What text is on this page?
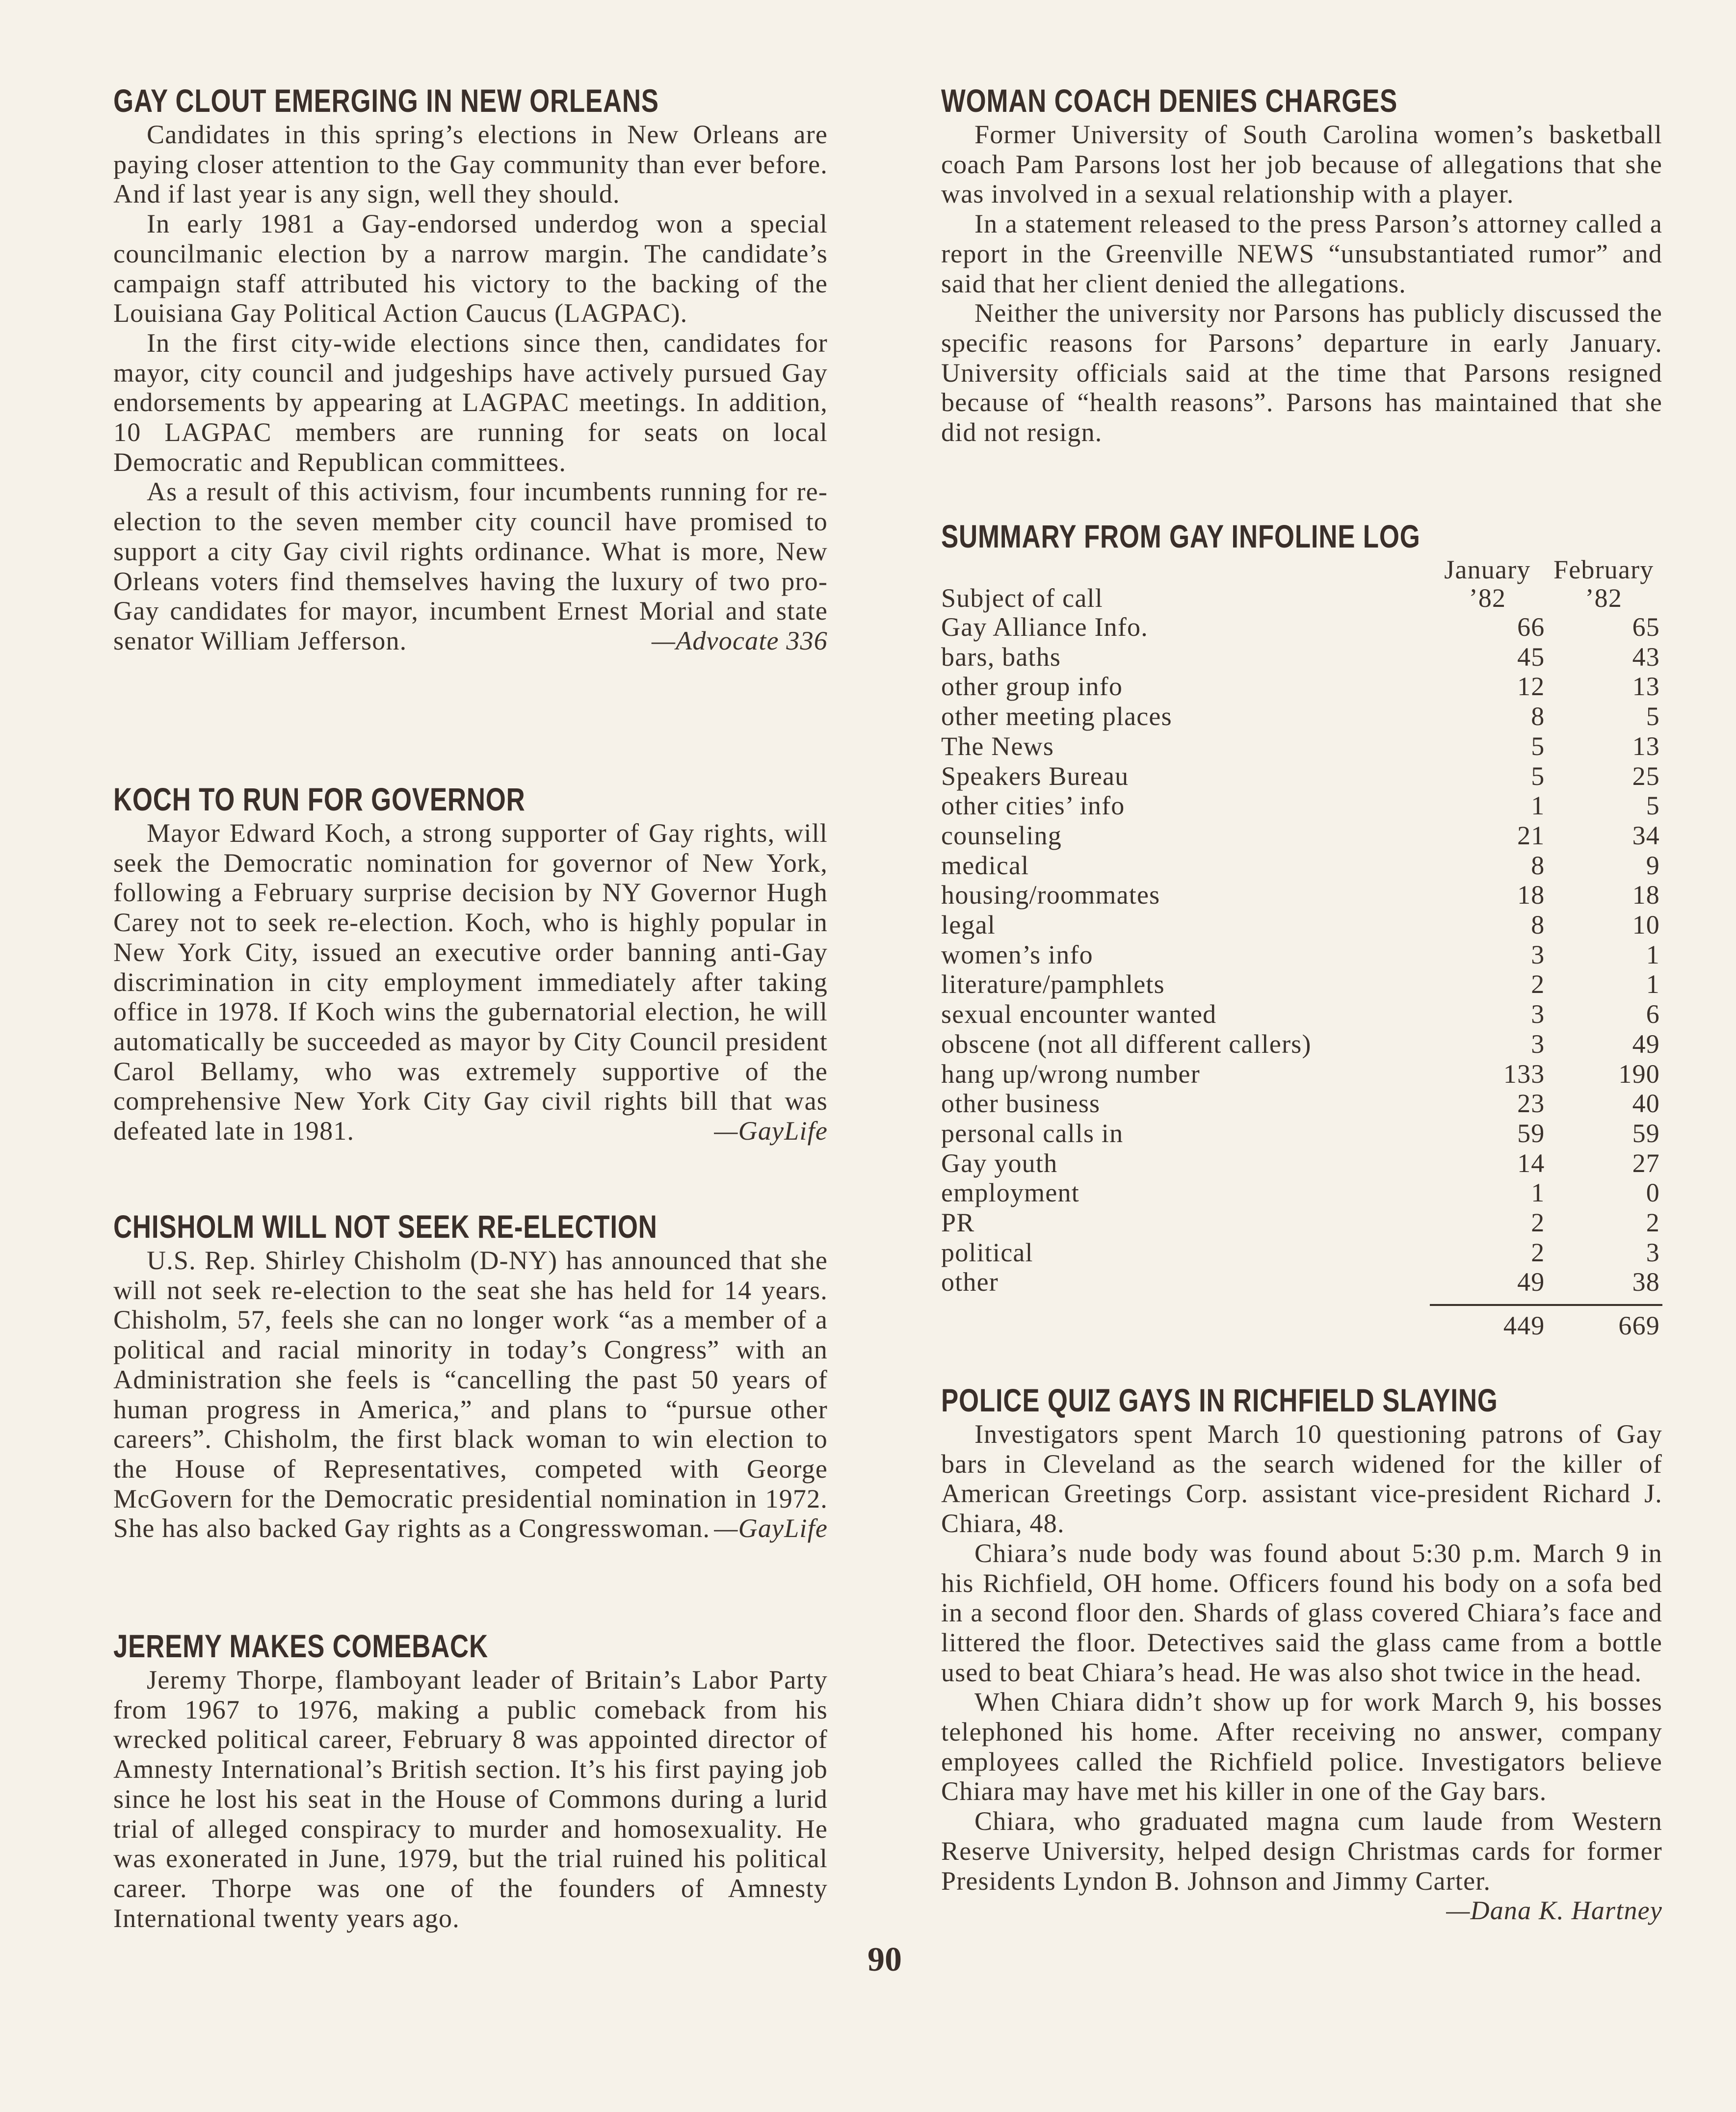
GAY CLOUT EMERGING IN NEW ORLEANS

Candidates in this spring’s elections in New Orleans are paying closer attention to the Gay community than ever before. And if last year is any sign, well they should.

In early 1981 a Gay-endorsed underdog won a special councilmanic election by a narrow margin. The candidate’s campaign staff attributed his victory to the backing of the Louisiana Gay Political Action Caucus (LAGPAC).

In the first city-wide elections since then, candidates for mayor, city council and judgeships have actively pursued Gay endorsements by appearing at LAGPAC meetings. In addition, 10 LAGPAC members are running for seats on local Democratic and Republican committees.

As a result of this activism, four incumbents running for re-election to the seven member city council have promised to support a city Gay civil rights ordinance. What is more, New Orleans voters find themselves having the luxury of two pro-Gay candidates for mayor, incumbent Ernest Morial and state senator William Jefferson.	—Advocate 336

KOCH TO RUN FOR GOVERNOR

Mayor Edward Koch, a strong supporter of Gay rights, will seek the Democratic nomination for governor of New York, following a February surprise decision by NY Governor Hugh Carey not to seek re-election. Koch, who is highly popular in New York City, issued an executive order banning anti-Gay discrimination in city employment immediately after taking office in 1978. If Koch wins the gubernatorial election, he will automatically be succeeded as mayor by City Council president Carol Bellamy, who was extremely supportive of the comprehensive New York City Gay civil rights bill that was defeated late in 1981.	—GayLife

CHISHOLM WILL NOT SEEK RE-ELECTION

U.S. Rep. Shirley Chisholm (D-NY) has announced that she will not seek re-election to the seat she has held for 14 years. Chisholm, 57, feels she can no longer work “as a member of a political and racial minority in today’s Congress” with an Administration she feels is “cancelling the past 50 years of human progress in America,” and plans to “pursue other careers”. Chisholm, the first black woman to win election to the House of Representatives, competed with George McGovern for the Democratic presidential nomination in 1972. She has also backed Gay rights as a Congresswoman. —GayLife

JEREMY MAKES COMEBACK

Jeremy Thorpe, flamboyant leader of Britain’s Labor Party from 1967 to 1976, making a public comeback from his wrecked political career, February 8 was appointed director of Amnesty International’s British section. It’s his first paying job since he lost his seat in the House of Commons during a lurid trial of alleged conspiracy to murder and homosexuality. He was exonerated in June, 1979, but the trial ruined his political career. Thorpe was one of the founders of Amnesty International twenty years ago.

90
WOMAN COACH DENIES CHARGES

Former University of South Carolina women’s basketball coach Pam Parsons lost her job because of allegations that she was involved in a sexual relationship with a player.

In a statement released to the press Parson’s attorney called a report in the Greenville NEWS “unsubstantiated rumor” and said that her client denied the allegations.

Neither the university nor Parsons has publicly discussed the specific reasons for Parsons’ departure in early January. University officials said at the time that Parsons resigned because of “health reasons”. Parsons has maintained that she did not resign.

SUMMARY FROM GAY INFOLINE LOG
	January	February
Subject of call	’82	’82
Gay Alliance Info.	66	65
bars, baths	45	43
other group info	12	13
other meeting places	8	5
The News	5	13
Speakers Bureau	5	25
other cities’ info	1	5
counseling	21	34
medical	8	9
housing/roommates	18	18
legal	8	10
women’s info	3	1
literature/pamphlets	2	1
sexual encounter wanted	3	6
obscene (not all different callers)	3	49
hang up/wrong number	133	190
other business	23	40
personal calls in	59	59
Gay youth	14	27
employment	1	0
PR	2	2
political	2	3
other	49	38

	449	669
POLICE QUIZ GAYS IN RICHFIELD SLAYING

Investigators spent March 10 questioning patrons of Gay bars in Cleveland as the search widened for the killer of American Greetings Corp. assistant vice-president Richard J. Chiara, 48.

Chiara’s nude body was found about 5:30 p.m. March 9 in his Richfield, OH home. Officers found his body on a sofa bed in a second floor den. Shards of glass covered Chiara’s face and littered the floor. Detectives said the glass came from a bottle used to beat Chiara’s head. He was also shot twice in the head.

When Chiara didn’t show up for work March 9, his bosses telephoned his home. After receiving no answer, company employees called the Richfield police. Investigators believe Chiara may have met his killer in one of the Gay bars.

Chiara, who graduated magna cum laude from Western Reserve University, helped design Christmas cards for former Presidents Lyndon B. Johnson and Jimmy Carter.
—Dana K. Hartney
